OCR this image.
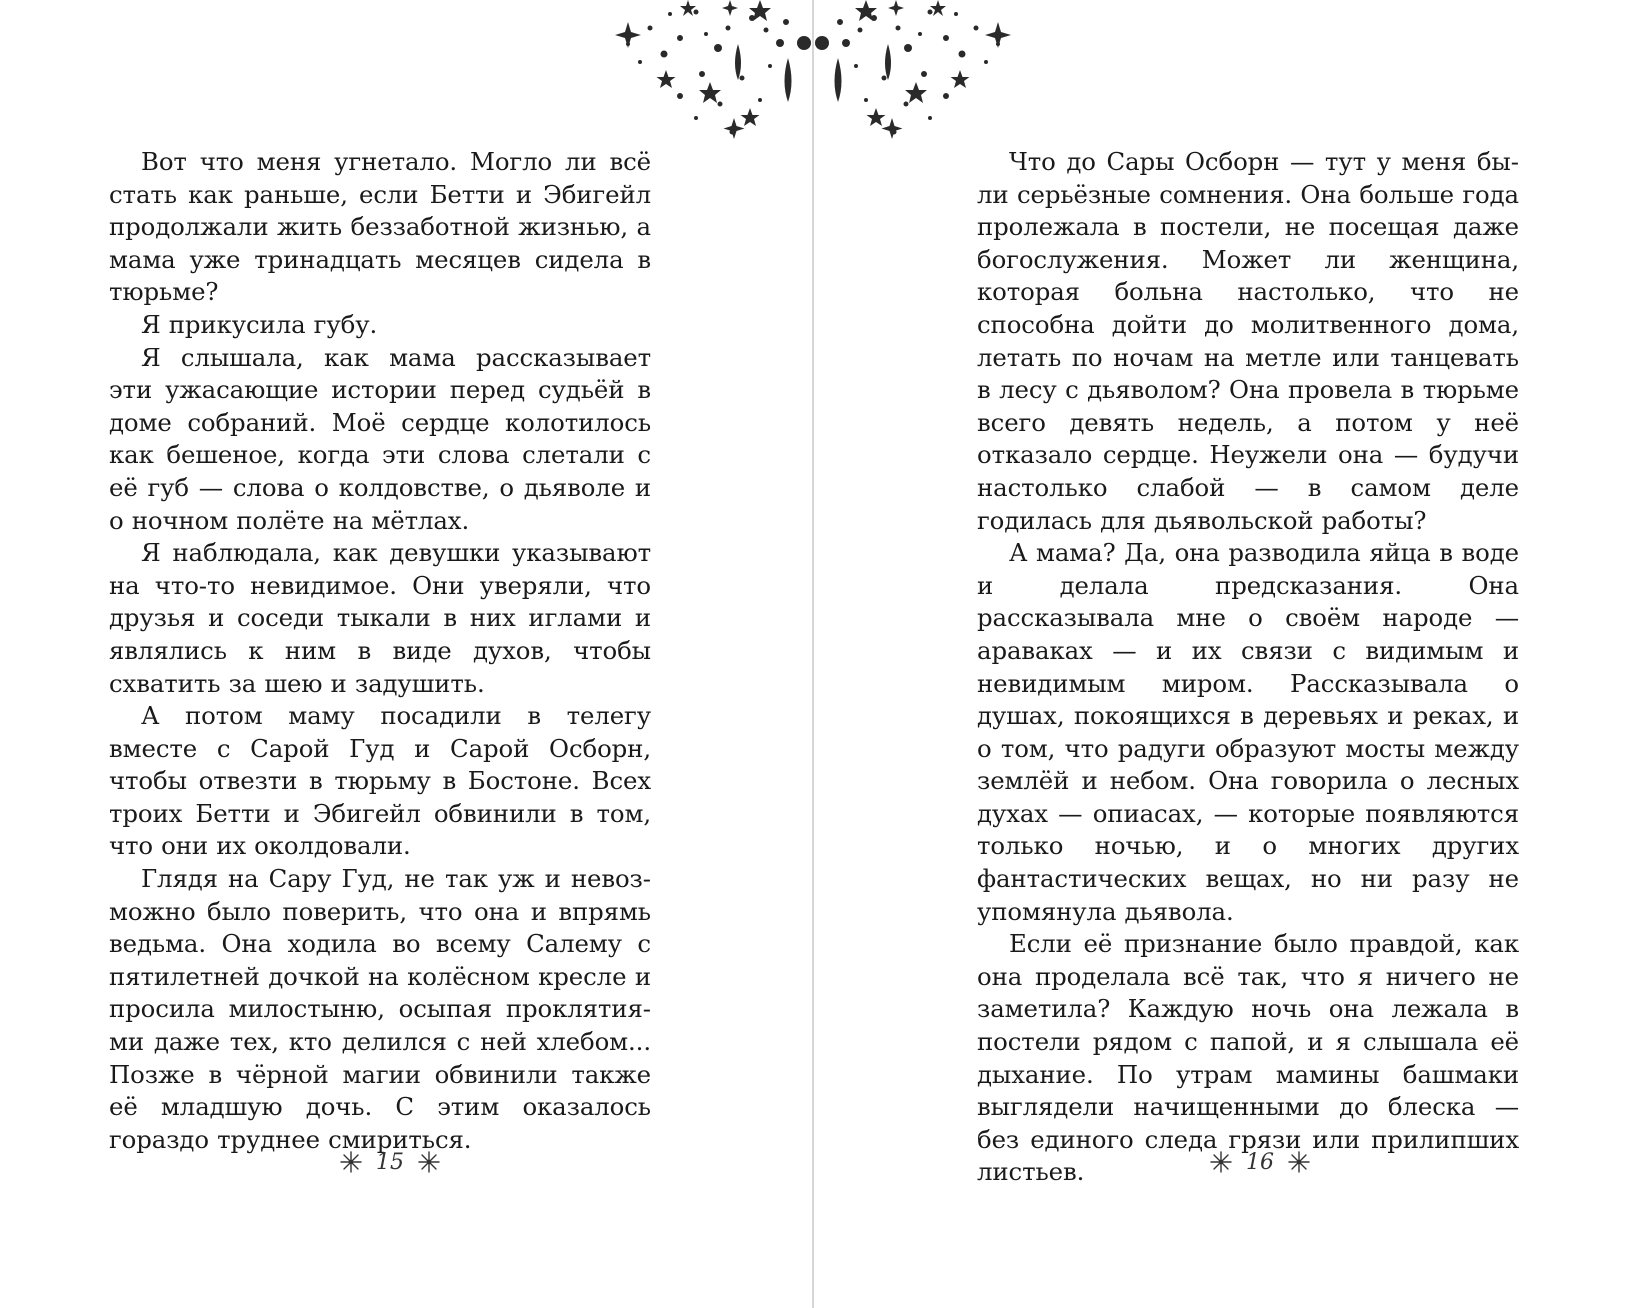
Вот что меня угнетало. Могло ли всё стать как раньше, если Бетти и Эбигейл продолжали жить беззаботной жизнью, а мама уже тринадцать месяцев сидела в тюрьме?

Я прикусила губу.

Я слышала, как мама рассказывает эти ужасающие истории перед судьёй в доме собраний. Моё сердце колотилось как бешеное, когда эти слова слетали с её губ — слова о колдовстве, о дьяволе и о ночном полёте на мётлах.

Я наблюдала, как девушки указывают на что-то невидимое. Они уверяли, что друзья и соседи тыкали в них иглами и являлись к ним в виде духов, чтобы схватить за шею и задушить.

А потом маму посадили в телегу вместе с Сарой Гуд и Сарой Осборн, чтобы отвезти в тюрьму в Бостоне. Всех троих Бетти и Эбигейл обвинили в том, что они их околдовали.

Глядя на Сару Гуд, не так уж и невозможно было поверить, что она и впрямь ведьма. Она ходила во всему Салему с пятилетней дочкой на колёсном кресле и просила милостыню, осыпая проклятиями даже тех, кто делился с ней хлебом... Позже в чёрной магии обвинили также её младшую дочь. С этим оказалось гораздо труднее смириться.

Что до Сары Осборн — тут у меня были серьёзные сомнения. Она больше года пролежала в постели, не посещая даже богослужения. Может ли женщина, которая больна настолько, что не способна дойти до молитвенного дома, летать по ночам на метле или танцевать в лесу с дьяволом? Она провела в тюрьме всего девять недель, а потом у неё отказало сердце. Неужели она — будучи настолько слабой — в самом деле годилась для дьявольской работы?

А мама? Да, она разводила яйца в воде и делала предсказания. Она рассказывала мне о своём народе — араваках — и их связи с видимым и невидимым миром. Рассказывала о душах, покоящихся в деревьях и реках, и о том, что радуги образуют мосты между землёй и небом. Она говорила о лесных духах — опиасах, — которые появляются только ночью, и о многих других фантастических вещах, но ни разу не упомянула дьявола.

Если её признание было правдой, как она проделала всё так, что я ничего не заметила? Каждую ночь она лежала в постели рядом с папой, и я слышала её дыхание. По утрам мамины башмаки выглядели начищенными до блеска — без единого следа грязи или прилипших листьев.

15	16
